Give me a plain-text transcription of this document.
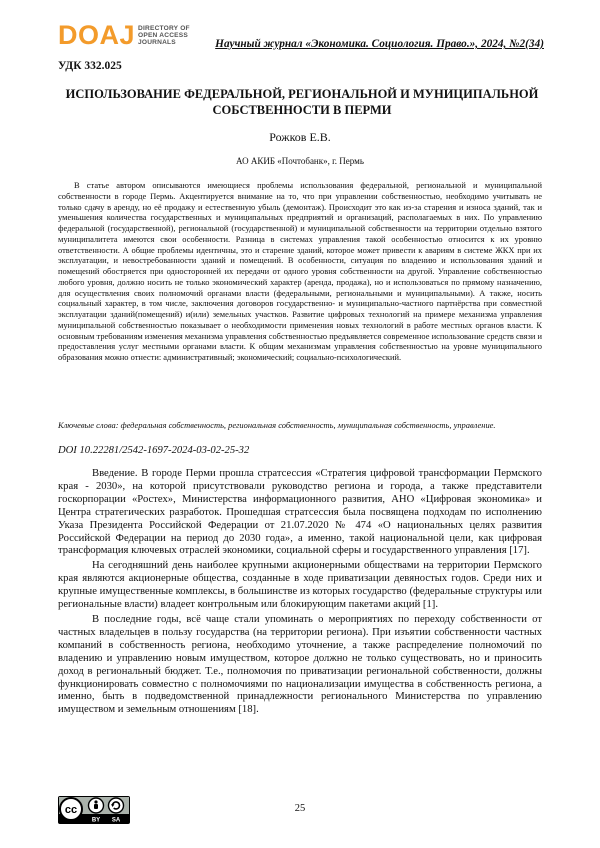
DOAJ DIRECTORY OF
OPEN ACCESS
JOURNALS	Научный журнал «Экономика. Социология. Право.», 2024, №2(34)
УДК 332.025
ИСПОЛЬЗОВАНИЕ ФЕДЕРАЛЬНОЙ, РЕГИОНАЛЬНОЙ И МУНИЦИПАЛЬНОЙ СОБСТВЕННОСТИ В ПЕРМИ
Рожков Е.В.
АО АКИБ «Почтобанк», г. Пермь

В статье автором описываются имеющиеся проблемы использования федеральной, региональной и муниципальной собственности в городе Пермь. Акцентируется внимание на то, что при управлении собственностью, необходимо учитывать не только сдачу в аренду, но её продажу и естественную убыль (демонтаж). Происходит это как из-за старения и износа зданий, так и уменьшения количества государственных и муниципальных предприятий и организаций, располагаемых в них. По управлению федеральной (государственной), региональной (государственной) и муниципальной собственности на территории отдельно взятого муниципалитета имеются свои особенности. Разница в системах управления такой особенностью относится к их уровню ответственности. А общие проблемы идентичны, это и старение зданий, которое может привести к авариям в системе ЖКХ при их эксплуатации, и невостребованности зданий и помещений. В особенности, ситуация по владению и использования зданий и помещений обостряется при односторонней их передачи от одного уровня собственности на другой. Управление собственностью любого уровня, должно носить не только экономический характер (аренда, продажа), но и использоваться по прямому назначению, для осуществления своих полномочий органами власти (федеральными, региональными и муниципальными). А также, носить социальный характер, в том числе, заключения договоров государственно- и муниципально-частного партнёрства при совместной эксплуатации зданий(помещений) и(или) земельных участков. Развитие цифровых технологий на примере механизма управления муниципальной собственностью показывает о необходимости применения новых технологий в работе местных органов власти. К основным требованиям изменения механизма управления собственностью предъявляется современное использование средств связи и предоставления услуг местными органами власти. К общим механизмам управления собственностью на уровне муниципального образования можно отнести: административный; экономический; социально-психологический.

Ключевые слова: федеральная собственность, региональная собственность, муниципальная собственность, управление.

DOI 10.22281/2542-1697-2024-03-02-25-32

Введение. В городе Перми прошла стратсессия «Стратегия цифровой трансформации Пермского края - 2030», на которой присутствовали руководство региона и города, а также представители госкорпорации «Ростех», Министерства информационного развития, АНО «Цифровая экономика» и Центра стратегических разработок. Прошедшая стратсессия была посвящена подходам по исполнению Указа Президента Российской Федерации от 21.07.2020 № 474 «О национальных целях развития Российской Федерации на период до 2030 года», а именно, такой национальной цели, как цифровая трансформация ключевых отраслей экономики, социальной сферы и государственного управления [17].

На сегодняшний день наиболее крупными акционерными обществами на территории Пермского края являются акционерные общества, созданные в ходе приватизации девяностых годов. Среди них и крупные имущественные комплексы, в большинстве из которых государство (федеральные структуры или региональные власти) владеет контрольным или блокирующим пакетами акций [1].

В последние годы, всё чаще стали упоминать о мероприятиях по переходу собственности от частных владельцев в пользу государства (на территории региона). При изъятии собственности частных компаний в собственность региона, необходимо уточнение, а также распределение полномочий по владению и управлению новым имуществом, которое должно не только существовать, но и приносить доход в региональный бюджет. Т.е., полномочия по приватизации региональной собственности, должны функционировать совместно с полномочиями по национализации имущества в собственность региона, а именно, быть в подведомственной принадлежности регионального Министерства по управлению имуществом и земельным отношениям [18].

cc
BY SA
25
